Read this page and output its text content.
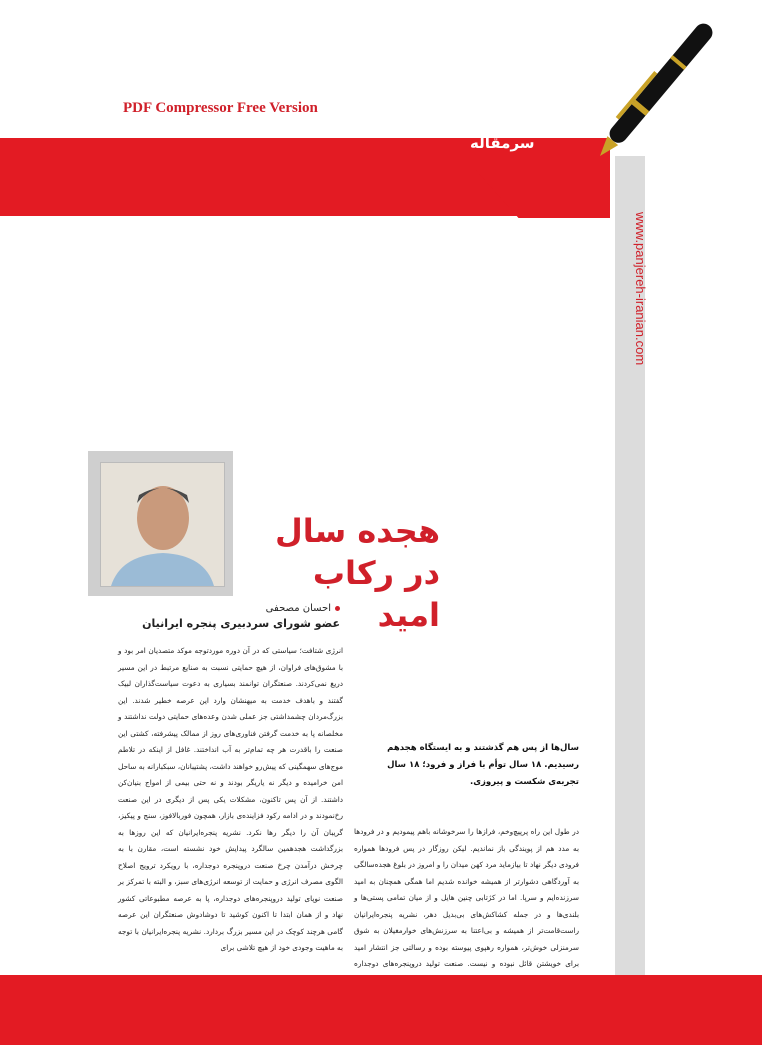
PDF Compressor Free Version
سرمقاله
www.panjereh-iranian.com
هجده سال
در رکاب امید
احسان مصحفی
عضو شورای سردبیری پنجره ایرانیان
انرژی شتافت؛ سیاستی که در آن دوره موردتوجه موکد متصدیان امر بود و با مشوق‌های فراوان، از هیچ حمایتی نسبت به صنایع مرتبط در این مسیر دریغ نمی‌کردند. صنعتگران توانمند بسیاری به دعوت سیاست‌گذاران لبیک گفتند و باهدف خدمت به میهنشان وارد این عرصه خطیر شدند. این بزرگ‌مردان چشمداشتی جز عملی شدن وعده‌های حمایتی دولت نداشتند و مخلصانه پا به خدمت گرفتن فناوری‌های روز از ممالک پیشرفته، کشتی این صنعت را باقدرت هر چه تمام‌تر به آب انداختند. غافل از اینکه در تلاطم موج‌های سهمگینی که پیش‌رو خواهند داشت، پشتیبانان، سبکبارانه به ساحل امن خرامیده و دیگر نه یاریگر بودند و نه حتی بیمی از امواج بنیان‌کن داشتند. از آن پس تاکنون، مشکلات یکی پس از دیگری در این صنعت رخ‌نمودند و در ادامه رکود فزاینده‌ی بازار، همچون فوربالافوز، سنج و پیکیز، گریبان آن را دیگر رها نکرد. نشریه پنجره‌ایرانیان که این روزها به بزرگداشت هجدهمین سالگرد پیدایش خود نشسته است، مقارن با به چرخش درآمدن چرخ صنعت درو‌پنجره دوجداره، با رویکرد ترویج اصلاح الگوی مصرف انرژی و حمایت از توسعه انرژی‌های سبز، و البته با تمرکز بر صنعت نوپای تولید درو‌پنجره‌های دوجداره، پا به عرصه مطبوعاتی کشور نهاد و از همان ابتدا تا اکنون کوشید تا دوشادوش صنعتگران این عرصه گامی هرچند کوچک در این مسیر بزرگ بردارد. نشریه پنجره‌ایرانیان با توجه به ماهیت وجودی خود از هیچ تلاشی برای
سال‌ها از پس هم گذشتند و به ایستگاه هجدهم رسیدیم. ۱۸ سال توأم با فراز و فرود؛ ۱۸ سال تجربه‌ی شکست و پیروزی.
در طول این راه پرپیچ‌وخم، فرازها را سرخوشانه باهم پیمودیم و در فرودها به مدد هم از پویندگی باز نماندیم. لیکن روزگار در پس فرودها همواره فرودی دیگر نهاد تا بیازماید مرد کهن میدان را و امروز در بلوغ هجده‌سالگی به آوردگاهی دشوارتر از همیشه خوانده شدیم اما همگی همچنان به امید سرزنده‌ایم و سرپا. اما در کژتابی چنین هایل و از میان تمامی پستی‌ها و بلندی‌ها و در جمله کشاکش‌های بی‌بدیل دهر، نشریه پنجره‌ایرانیان راست‌قامت‌تر از همیشه و بی‌اعتنا به سرزنش‌های خوارمغیلان به شوق سرمنزلی خوش‌تر، همواره رهپوی پیوسته بوده و رسالتی جز انتشار امید برای خویشتن قائل نبوده و نیست. صنعت تولید درو‌پنجره‌های دوجداره
